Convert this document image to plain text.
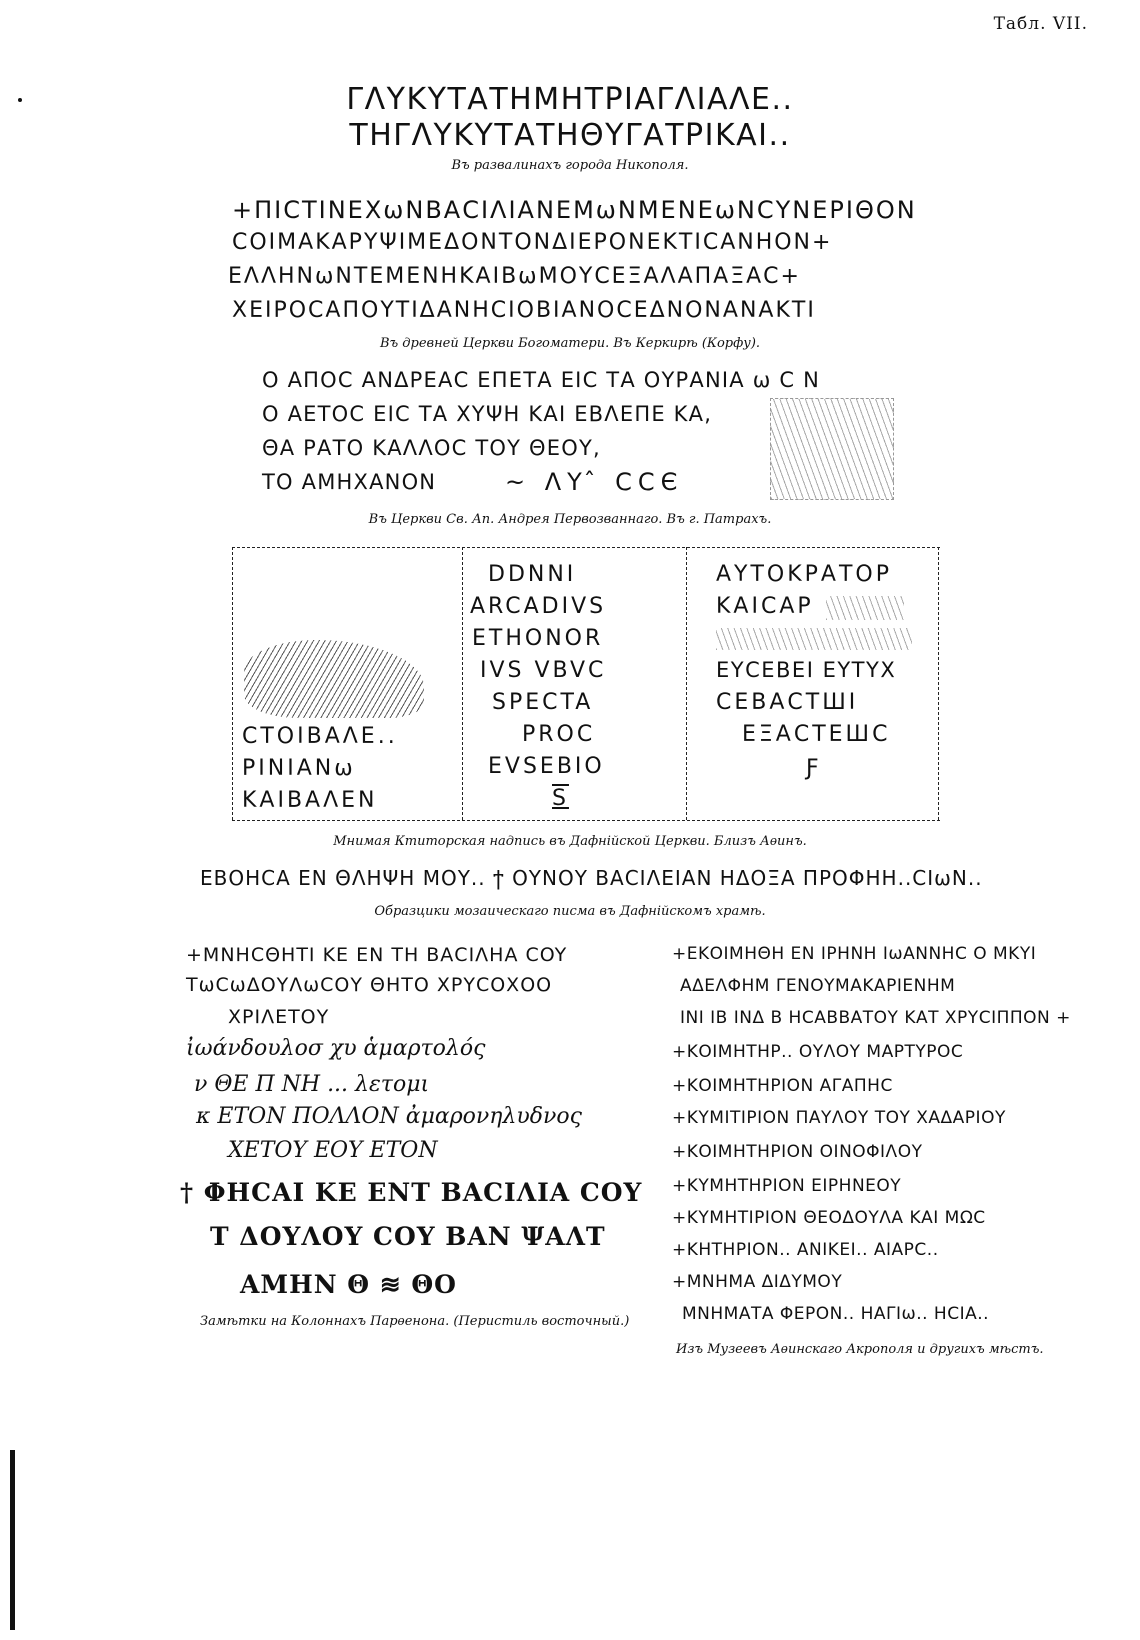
Табл. VII.
ΓΛΥΚΥΤΑΤΗΜΗΤΡΙΑΓΛΙΑΛΕ..
ΤΗΓΛΥΚΥΤΑΤΗΘΥΓΑΤΡΙΚΑΙ..
Въ развалинахъ города Никополя.
+ΠΙCΤΙΝΕΧωΝΒΑCΙΛΙΑΝΕΜωΝΜΕΝΕωΝCΥΝΕΡΙΘΟΝ
CΟΙΜΑΚΑΡΥΨΙΜΕΔΟΝΤΟΝΔΙΕΡΟΝΕΚΤΙCΑΝΗΟΝ+
ΕΛΛΗΝωΝΤΕΜΕΝΗΚΑΙΒωΜΟΥCΕΞΑΛΑΠΑΞΑC+
ΧΕΙΡΟCΑΠΟΥΤΙΔΑΝΗCΙΟΒΙΑΝΟCΕΔΝΟΝΑΝΑΚΤΙ
Въ древней Церкви Богоматери. Въ Керкирѣ (Корфу).
Ο ΑΠΟC ΑΝΔΡΕΑC ΕΠΕΤΑ ΕΙC ΤΑ ΟΥΡΑΝΙΑ ω C Ν
Ο ΑΕΤΟC ΕΙC ΤΑ ΧΥΨΗ ΚΑΙ ΕΒΛΕΠΕ ΚΑ,
ΘΑ ΡΑΤΟ ΚΑΛΛΟC ΤΟΥ ΘΕΟΥ,
ΤΟ ΑΜΗΧΑΝΟΝ	~ ΛΥ ̂ ϹϹЄ
Въ Церкви Св. Ап. Андрея Первозваннаго. Въ г. Патрахъ.
CΤΟΙΒΑΛΕ..
ΡΙΝΙΑΝω
ΚΑΙΒΑΛΕΝ
DDNNI
ARCADIVS
ETHONOR
IVS VBVC
SPECTA
PROC
EVSEBIO
S
ΑΥΤΟΚΡΑΤΟΡ
ΚΑΙCΑΡ
ΕΥCΕΒΕΙ ΕΥΤΥΧ
CΕΒΑCΤШΙ
ΕΞΑCΤΕШC
Ƒ
Мнимая Ктиторская надпись въ Дафнійской Церкви. Близъ Аѳинъ.
ΕΒΟΗCΑ ΕΝ ΘΛΗΨΗ ΜΟΥ.. ϯ ΟΥΝΟΥ ΒΑCΙΛΕΙΑΝ ΗΔΟΞΑ ΠΡΟΦΗΗ..CΙωΝ..
Образцики мозаическаго писма въ Дафнійскомъ храмѣ.
+ΜΝΗCΘΗΤΙ ΚΕ ΕΝ ΤΗ ΒΑCΙΛΗΑ COY
ΤωCωΔΟΥΛωCΟΥ ΘΗΤΟ ΧΡΥCΟΧΟΟ
ΧΡΙΛΕΤΟΥ
ἰωάνδουλοσ χυ ἁμαρτολός
ν ΘΕ Π ΝΗ ... λετομι
κ ΕΤΟΝ ΠΟΛΛΟΝ ἀμαρονηλυδνος
ΧΕΤΟΥ ΕΟΥ ΕΤΟΝ
† ΦΗCΑΙ ΚΕ ΕΝΤ ΒΑCΙΛΙΑ COY
Τ ΔΟΥΛΟΥ CΟΥ ΒΑΝ ΨΑΛΤ
ΑΜΗΝ Θ ≋ ΘΟ
Замѣтки на Колоннахъ Парѳенона. (Перистиль восточный.)
+ΕΚΟΙΜΗΘΗ ΕΝ ΙΡΗΝΗ ΙωΑΝΝΗC Ο ΜΚΥΙ
ΑΔΕΛΦΗΜ ΓΕΝΟΥΜΑΚΑΡΙΕΝΗΜ
ΙΝΙ ΙΒ ΙΝΔ Β ΗCΑΒΒΑΤΟΥ ΚΑΤ ΧΡΥCΙΠΠΟΝ +
+ΚΟΙΜΗΤΗΡ.. ΟΥΛΟΥ ΜΑΡΤΥΡΟC
+ΚΟΙΜΗΤΗΡΙΟΝ ΑΓΑΠΗC
+ΚΥΜΙΤΙΡΙΟΝ ΠΑΥΛΟΥ ΤΟΥ ΧΑΔΑΡΙΟΥ
+ΚΟΙΜΗΤΗΡΙΟΝ ΟΙΝΟΦΙΛΟΥ
+ΚΥΜΗΤΗΡΙΟΝ ΕΙΡΗΝΕΟΥ
+ΚΥΜΗΤΙΡΙΟΝ ΘΕΟΔΟΥΛΑ ΚΑΙ ΜΩC
+ΚΗΤΗΡΙΟΝ.. ΑΝΙΚΕΙ.. ΑΙΑΡC..
+ΜΝΗΜΑ ΔΙΔΥΜΟΥ
ΜΝΗΜΑΤΑ ΦΕΡΟΝ.. ΗΑΓΙω.. ΗCΙΑ..
Изъ Музеевъ Аѳинскаго Акрополя и другихъ мѣстъ.
